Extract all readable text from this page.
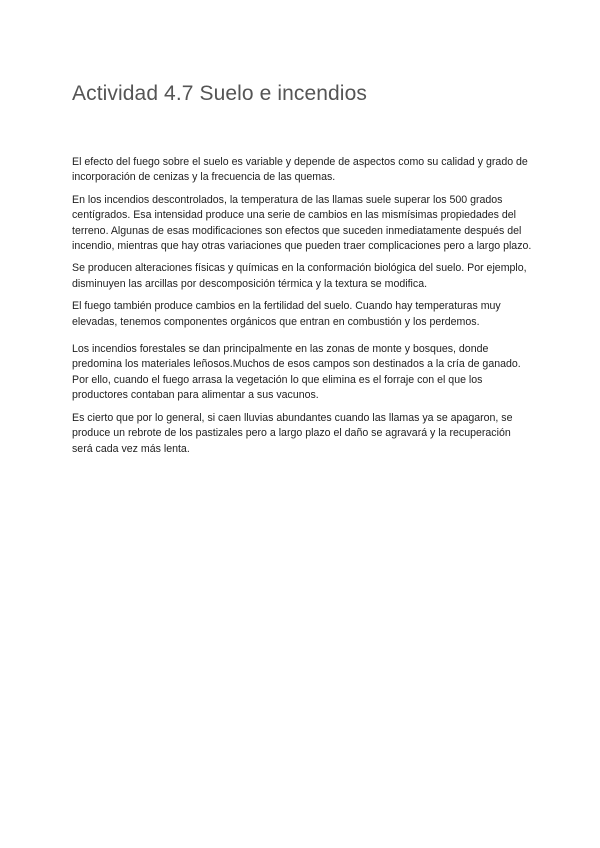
Actividad 4.7 Suelo e incendios

El efecto del fuego sobre el suelo es variable y depende de aspectos como su calidad y grado de incorporación de cenizas y la frecuencia de las quemas.

En los incendios descontrolados, la temperatura de las llamas suele superar los 500 grados centígrados. Esa intensidad produce una serie de cambios en las mismísimas propiedades del terreno. Algunas de esas modificaciones son efectos que suceden inmediatamente después del incendio, mientras que hay otras variaciones que pueden traer complicaciones pero a largo plazo.

Se producen alteraciones físicas y químicas en la conformación biológica del suelo. Por ejemplo, disminuyen las arcillas por descomposición térmica y la textura se modifica.

El fuego también produce cambios en la fertilidad del suelo. Cuando hay temperaturas muy elevadas, tenemos componentes orgánicos que entran en combustión y los perdemos.

Los incendios forestales se dan principalmente en las zonas de monte y bosques, donde predomina los materiales leñosos.Muchos de esos campos son destinados a la cría de ganado. Por ello, cuando el fuego arrasa la vegetación lo que elimina es el forraje con el que los productores contaban para alimentar a sus vacunos.

Es cierto que por lo general, si caen lluvias abundantes cuando las llamas ya se apagaron, se produce un rebrote de los pastizales pero a largo plazo el daño se agravará y la recuperación será cada vez más lenta.
